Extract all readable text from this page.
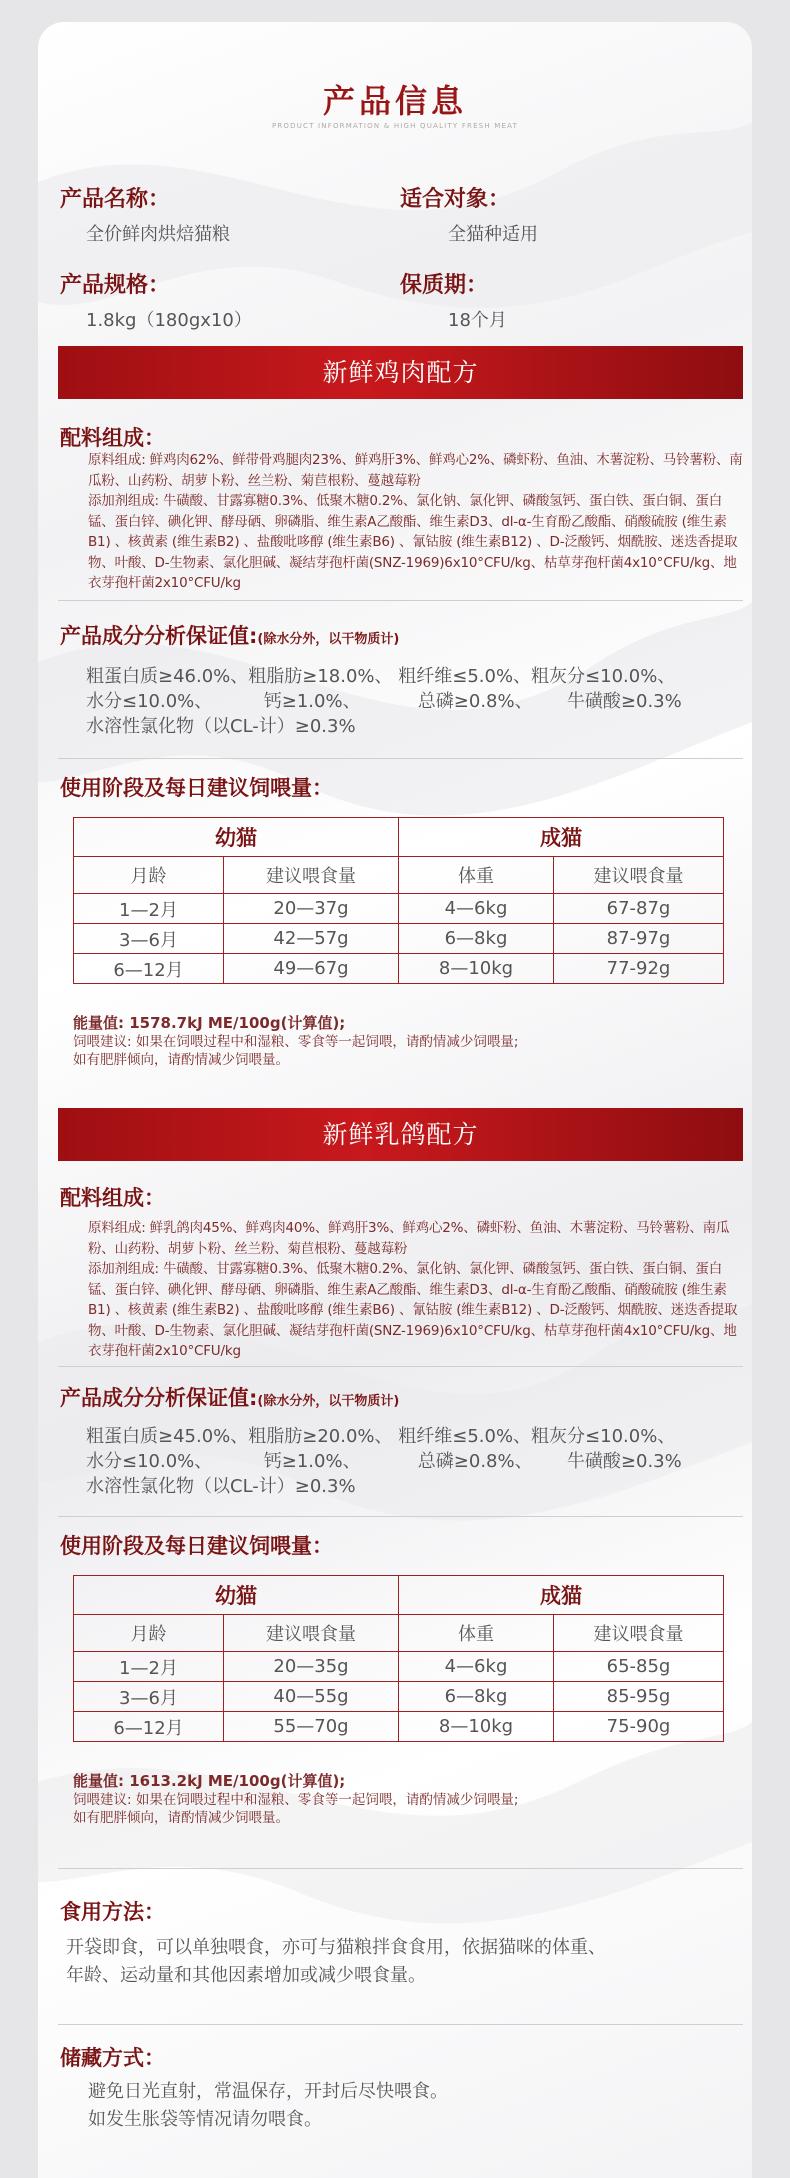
产品信息
PRODUCT INFORMATION & HIGH QUALITY FRESH MEAT
产品名称：
全价鲜肉烘焙猫粮
适合对象：
全猫种适用
产品规格：
1.8kg（180gx10）
保质期：
18个月
新鲜鸡肉配方
配料组成：
原料组成: 鲜鸡肉62%、鲜带骨鸡腿肉23%、鲜鸡肝3%、鲜鸡心2%、磷虾粉、鱼油、木薯淀粉、马铃薯粉、南瓜粉、山药粉、胡萝卜粉、丝兰粉、菊苣根粉、蔓越莓粉
添加剂组成: 牛磺酸、甘露寡糖0.3%、低聚木糖0.2%、氯化钠、氯化钾、磷酸氢钙、蛋白铁、蛋白铜、蛋白锰、蛋白锌、碘化钾、酵母硒、卵磷脂、维生素A乙酸酯、维生素D3、dl-α-生育酚乙酸酯、硝酸硫胺 (维生素B1) 、核黄素 (维生素B2) 、盐酸吡哆醇 (维生素B6) 、氰钴胺 (维生素B12) 、D-泛酸钙、烟酰胺、迷迭香提取物、叶酸、D-生物素、氯化胆碱、凝结芽孢杆菌(SNZ-1969)6x10°CFU/kg、枯草芽孢杆菌4x10°CFU/kg、地衣芽孢杆菌2x10°CFU/kg
产品成分分析保证值:(除水分外，以干物质计)
粗蛋白质≥46.0%、粗脂肪≥18.0%、 粗纤维≤5.0%、粗灰分≤10.0%、
水分≤10.0%、         钙≥1.0%、          总磷≥0.8%、      牛磺酸≥0.3%
水溶性氯化物（以CL-计）≥0.3%
使用阶段及每日建议饲喂量：
幼猫		成猫	
月龄	建议喂食量	体重	建议喂食量
1—2月	20—37g	4—6kg	67-87g
3—6月	42—57g	6—8kg	87-97g
6—12月	49—67g	8—10kg	77-92g
能量值: 1578.7kJ ME/100g(计算值);
饲喂建议: 如果在饲喂过程中和湿粮、零食等一起饲喂，请酌情减少饲喂量;
如有肥胖倾向，请酌情减少饲喂量。
新鲜乳鸽配方
配料组成：
原料组成: 鲜乳鸽肉45%、鲜鸡肉40%、鲜鸡肝3%、鲜鸡心2%、磷虾粉、鱼油、木薯淀粉、马铃薯粉、南瓜粉、山药粉、胡萝卜粉、丝兰粉、菊苣根粉、蔓越莓粉
添加剂组成: 牛磺酸、甘露寡糖0.3%、低聚木糖0.2%、氯化钠、氯化钾、磷酸氢钙、蛋白铁、蛋白铜、蛋白锰、蛋白锌、碘化钾、酵母硒、卵磷脂、维生素A乙酸酯、维生素D3、dl-α-生育酚乙酸酯、硝酸硫胺 (维生素B1) 、核黄素 (维生素B2) 、盐酸吡哆醇 (维生素B6) 、氰钴胺 (维生素B12) 、D-泛酸钙、烟酰胺、迷迭香提取物、叶酸、D-生物素、氯化胆碱、凝结芽孢杆菌(SNZ-1969)6x10°CFU/kg、枯草芽孢杆菌4x10°CFU/kg、地衣芽孢杆菌2x10°CFU/kg
产品成分分析保证值:(除水分外，以干物质计)
粗蛋白质≥45.0%、粗脂肪≥20.0%、 粗纤维≤5.0%、粗灰分≤10.0%、
水分≤10.0%、         钙≥1.0%、          总磷≥0.8%、      牛磺酸≥0.3%
水溶性氯化物（以CL-计）≥0.3%
使用阶段及每日建议饲喂量：
幼猫		成猫	
月龄	建议喂食量	体重	建议喂食量
1—2月	20—35g	4—6kg	65-85g
3—6月	40—55g	6—8kg	85-95g
6—12月	55—70g	8—10kg	75-90g
能量值: 1613.2kJ ME/100g(计算值);
饲喂建议: 如果在饲喂过程中和湿粮、零食等一起饲喂，请酌情减少饲喂量;
如有肥胖倾向，请酌情减少饲喂量。
食用方法：
开袋即食，可以单独喂食，亦可与猫粮拌食食用，依据猫咪的体重、
年龄、运动量和其他因素增加或减少喂食量。
储藏方式：
避免日光直射，常温保存，开封后尽快喂食。
如发生胀袋等情况请勿喂食。
